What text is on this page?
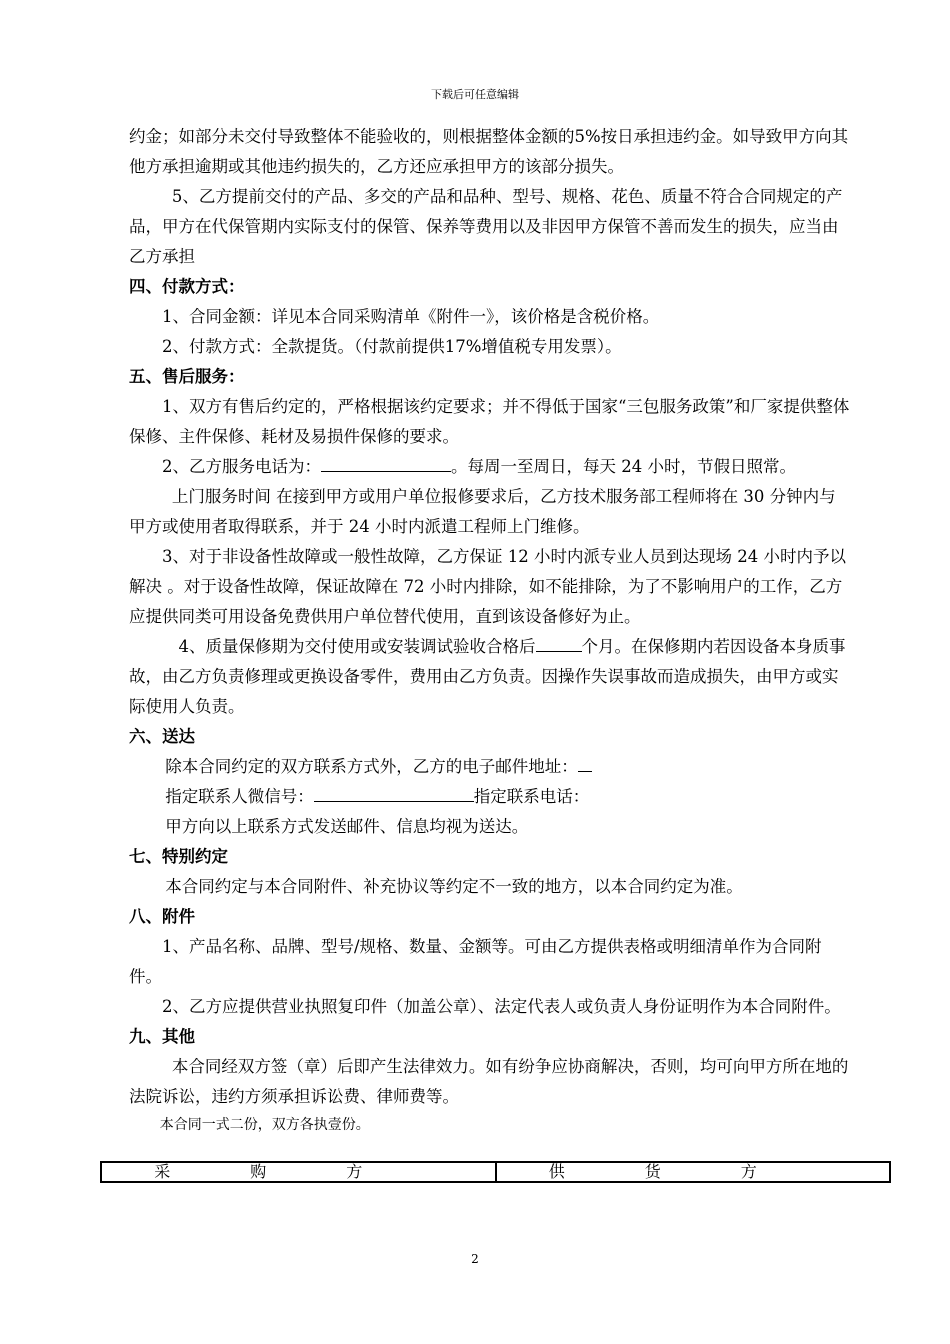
下载后可任意编辑

约金；如部分未交付导致整体不能验收的，则根据整体金额的5%按日承担违约金。如导致甲方向其他方承担逾期或其他违约损失的，乙方还应承担甲方的该部分损失。

5、乙方提前交付的产品、多交的产品和品种、型号、规格、花色、质量不符合合同规定的产品，甲方在代保管期内实际支付的保管、保养等费用以及非因甲方保管不善而发生的损失，应当由乙方承担

四、付款方式：

1、合同金额：详见本合同采购清单《附件一》，该价格是含税价格。

2、付款方式：全款提货。（付款前提供17%增值税专用发票）。

五、售后服务：

1、双方有售后约定的，严格根据该约定要求；并不得低于国家“三包服务政策”和厂家提供整体保修、主件保修、耗材及易损件保修的要求。

2、乙方服务电话为：	。每周一至周日，每天 24 小时，节假日照常。

上门服务时间 在接到甲方或用户单位报修要求后，乙方技术服务部工程师将在 30 分钟内与甲方或使用者取得联系，并于 24 小时内派遣工程师上门维修。

3、对于非设备性故障或一般性故障，乙方保证 12 小时内派专业人员到达现场 24 小时内予以解决 。对于设备性故障，保证故障在 72 小时内排除，如不能排除，为了不影响用户的工作，乙方应提供同类可用设备免费供用户单位替代使用，直到该设备修好为止。

4、质量保修期为交付使用或安装调试验收合格后	个月。在保修期内若因设备本身质事故，由乙方负责修理或更换设备零件，费用由乙方负责。因操作失误事故而造成损失，由甲方或实际使用人负责。

六、送达

除本合同约定的双方联系方式外，乙方的电子邮件地址：

指定联系人微信号：	指定联系电话：

甲方向以上联系方式发送邮件、信息均视为送达。

七、特别约定

本合同约定与本合同附件、补充协议等约定不一致的地方，以本合同约定为准。

八、附件

1、产品名称、品牌、型号/规格、数量、金额等。可由乙方提供表格或明细清单作为合同附件。

2、乙方应提供营业执照复印件（加盖公章）、法定代表人或负责人身份证明作为本合同附件。

九、其他

本合同经双方签（章）后即产生法律效力。如有纷争应协商解决，否则，均可向甲方所在地的法院诉讼，违约方须承担诉讼费、律师费等。

本合同一式二份，双方各执壹份。

采购方	供货方
2
